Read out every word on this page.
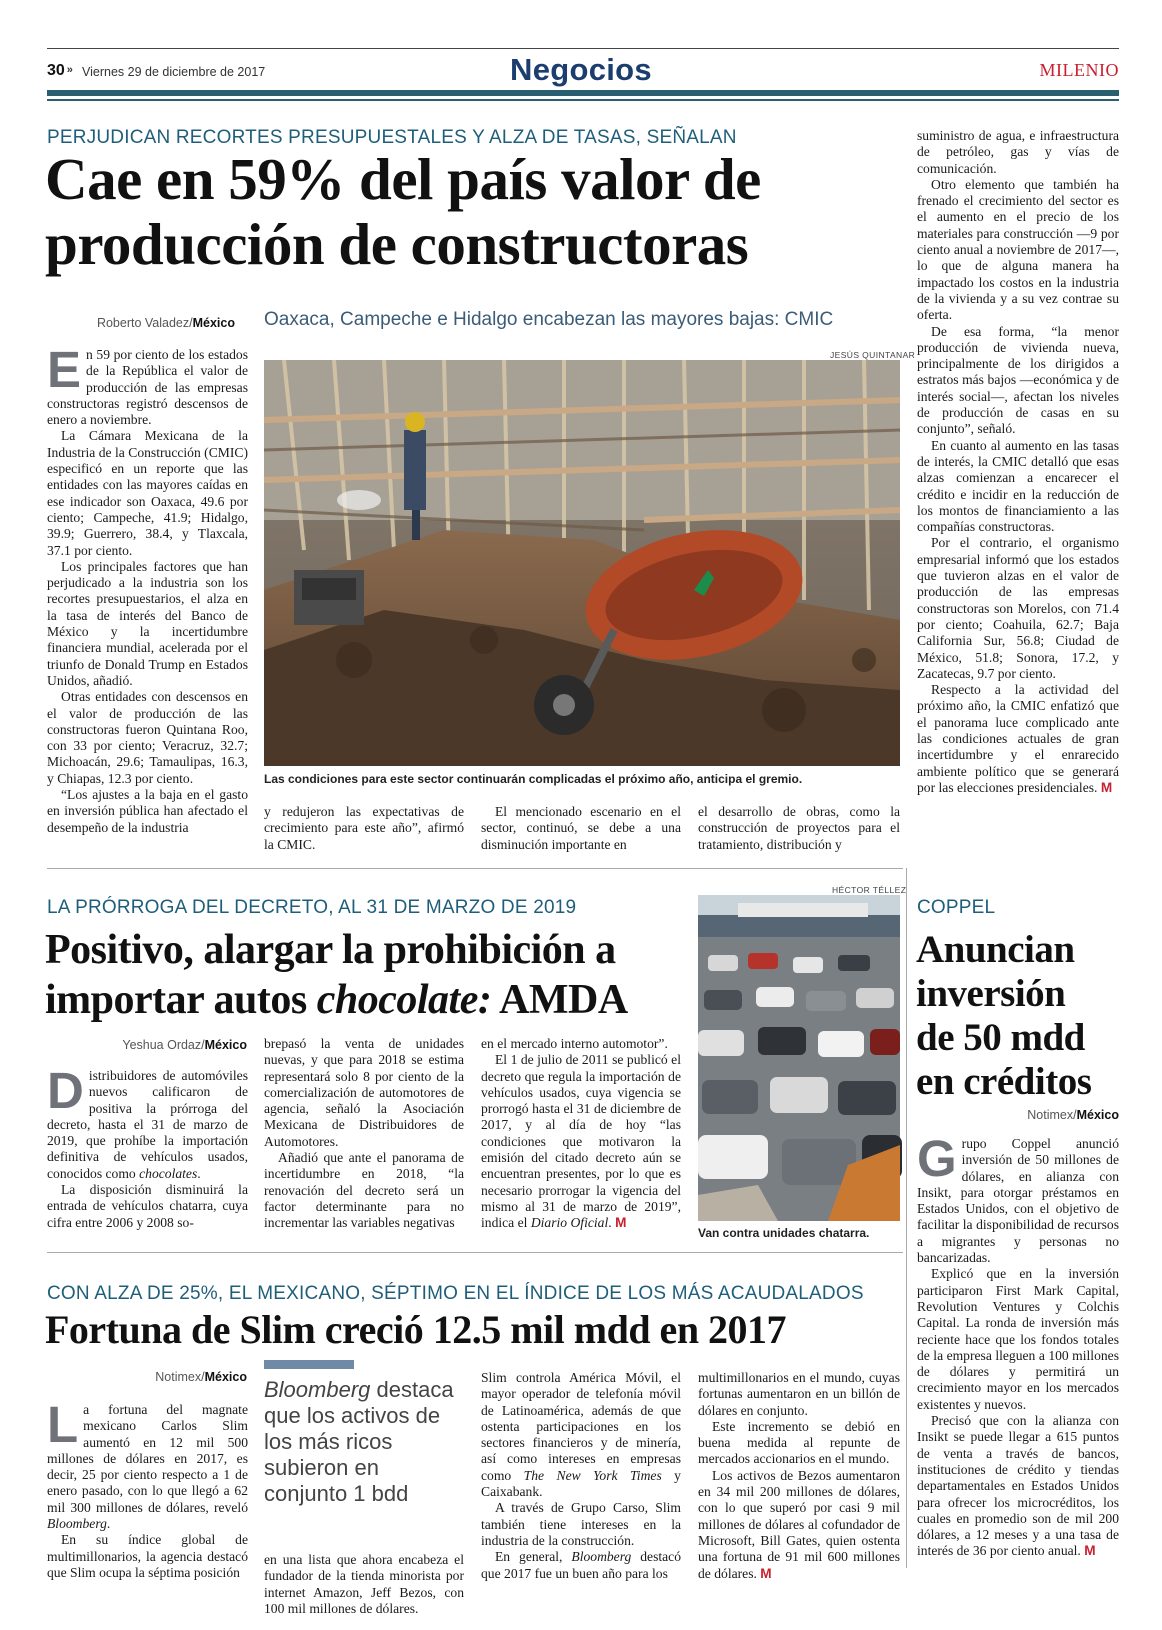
30 » Viernes 29 de diciembre de 2017	Negocios	MILENIO
PERJUDICAN RECORTES PRESUPUESTALES Y ALZA DE TASAS, SEÑALAN
Cae en 59% del país valor de
producción de constructoras
Roberto Valadez/México Oaxaca, Campeche e Hidalgo encabezan las mayores bajas: CMIC
JESÚS QUINTANAR
Las condiciones para este sector continuarán complicadas el próximo año, anticipa el gremio.

En 59 por ciento de los estados de la República el valor de producción de las empresas constructoras registró descensos de enero a noviembre.

La Cámara Mexicana de la Industria de la Construcción (CMIC) especificó en un reporte que las entidades con las mayores caídas en ese indicador son Oaxaca, 49.6 por ciento; Campeche, 41.9; Hidalgo, 39.9; Guerrero, 38.4, y Tlaxcala, 37.1 por ciento.

Los principales factores que han perjudicado a la industria son los recortes presupuestarios, el alza en la tasa de interés del Banco de México y la incertidumbre financiera mundial, acelerada por el triunfo de Donald Trump en Estados Unidos, añadió.

Otras entidades con descensos en el valor de producción de las constructoras fueron Quintana Roo, con 33 por ciento; Veracruz, 32.7; Michoacán, 29.6; Tamaulipas, 16.3, y Chiapas, 12.3 por ciento.

“Los ajustes a la baja en el gasto en inversión pública han afectado el desempeño de la industria

y redujeron las expectativas de crecimiento para este año”, afirmó la CMIC.

El mencionado escenario en el sector, continuó, se debe a una disminución importante en

el desarrollo de obras, como la construcción de proyectos para el tratamiento, distribución y

suministro de agua, e infraestructura de petróleo, gas y vías de comunicación.

Otro elemento que también ha frenado el crecimiento del sector es el aumento en el precio de los materiales para construcción —9 por ciento anual a noviembre de 2017—, lo que de alguna manera ha impactado los costos en la industria de la vivienda y a su vez contrae su oferta.

De esa forma, “la menor producción de vivienda nueva, principalmente de los dirigidos a estratos más bajos —económica y de interés social—, afectan los niveles de producción de casas en su conjunto”, señaló.

En cuanto al aumento en las tasas de interés, la CMIC detalló que esas alzas comienzan a encarecer el crédito e incidir en la reducción de los montos de financiamiento a las compañías constructoras.

Por el contrario, el organismo empresarial informó que los estados que tuvieron alzas en el valor de producción de las empresas constructoras son Morelos, con 71.4 por ciento; Coahuila, 62.7; Baja California Sur, 56.8; Ciudad de México, 51.8; Sonora, 17.2, y Zacatecas, 9.7 por ciento.

Respecto a la actividad del próximo año, la CMIC enfatizó que el panorama luce complicado ante las condiciones actuales de gran incertidumbre y el enrarecido ambiente político que se generará por las elecciones presidenciales. M

LA PRÓRROGA DEL DECRETO, AL 31 DE MARZO DE 2019
Positivo, alargar la prohibición a
importar autos chocolate: AMDA
Yeshua Ordaz/México
HÉCTOR TÉLLEZ
Van contra unidades chatarra.

Distribuidores de automóviles nuevos calificaron de positiva la prórroga del decreto, hasta el 31 de marzo de 2019, que prohíbe la importación definitiva de vehículos usados, conocidos como chocolates.

La disposición disminuirá la entrada de vehículos chatarra, cuya cifra entre 2006 y 2008 so-

brepasó la venta de unidades nuevas, y que para 2018 se estima representará solo 8 por ciento de la comercialización de automotores de agencia, señaló la Asociación Mexicana de Distribuidores de Automotores.

Añadió que ante el panorama de incertidumbre en 2018, “la renovación del decreto será un factor determinante para no incrementar las variables negativas

en el mercado interno automotor”.

El 1 de julio de 2011 se publicó el decreto que regula la importación de vehículos usados, cuya vigencia se prorrogó hasta el 31 de diciembre de 2017, y al día de hoy “las condiciones que motivaron la emisión del citado decreto aún se encuentran presentes, por lo que es necesario prorrogar la vigencia del mismo al 31 de marzo de 2019”, indica el Diario Oficial. M

COPPEL
Anuncian
inversión
de 50 mdd
en créditos
Notimex/México

Grupo Coppel anunció inversión de 50 millones de dólares, en alianza con Insikt, para otorgar préstamos en Estados Unidos, con el objetivo de facilitar la disponibilidad de recursos a migrantes y personas no bancarizadas.

Explicó que en la inversión participaron First Mark Capital, Revolution Ventures y Colchis Capital. La ronda de inversión más reciente hace que los fondos totales de la empresa lleguen a 100 millones de dólares y permitirá un crecimiento mayor en los mercados existentes y nuevos.

Precisó que con la alianza con Insikt se puede llegar a 615 puntos de venta a través de bancos, instituciones de crédito y tiendas departamentales en Estados Unidos para ofrecer los microcréditos, los cuales en promedio son de mil 200 dólares, a 12 meses y a una tasa de interés de 36 por ciento anual. M

CON ALZA DE 25%, EL MEXICANO, SÉPTIMO EN EL ÍNDICE DE LOS MÁS ACAUDALADOS
Fortuna de Slim creció 12.5 mil mdd en 2017
Notimex/México Bloomberg destaca que los activos de los más ricos subieron en conjunto 1 bdd

La fortuna del magnate mexicano Carlos Slim aumentó en 12 mil 500 millones de dólares en 2017, es decir, 25 por ciento respecto a 1 de enero pasado, con lo que llegó a 62 mil 300 millones de dólares, reveló Bloomberg.

En su índice global de multimillonarios, la agencia destacó que Slim ocupa la séptima posición

en una lista que ahora encabeza el fundador de la tienda minorista por internet Amazon, Jeff Bezos, con 100 mil millones de dólares.

Slim controla América Móvil, el mayor operador de telefonía móvil de Latinoamérica, además de que ostenta participaciones en los sectores financieros y de minería, así como intereses en empresas como The New York Times y Caixabank.

A través de Grupo Carso, Slim también tiene intereses en la industria de la construcción.

En general, Bloomberg destacó que 2017 fue un buen año para los

multimillonarios en el mundo, cuyas fortunas aumentaron en un billón de dólares en conjunto.

Este incremento se debió en buena medida al repunte de mercados accionarios en el mundo.

Los activos de Bezos aumentaron en 34 mil 200 millones de dólares, con lo que superó por casi 9 mil millones de dólares al cofundador de Microsoft, Bill Gates, quien ostenta una fortuna de 91 mil 600 millones de dólares. M
